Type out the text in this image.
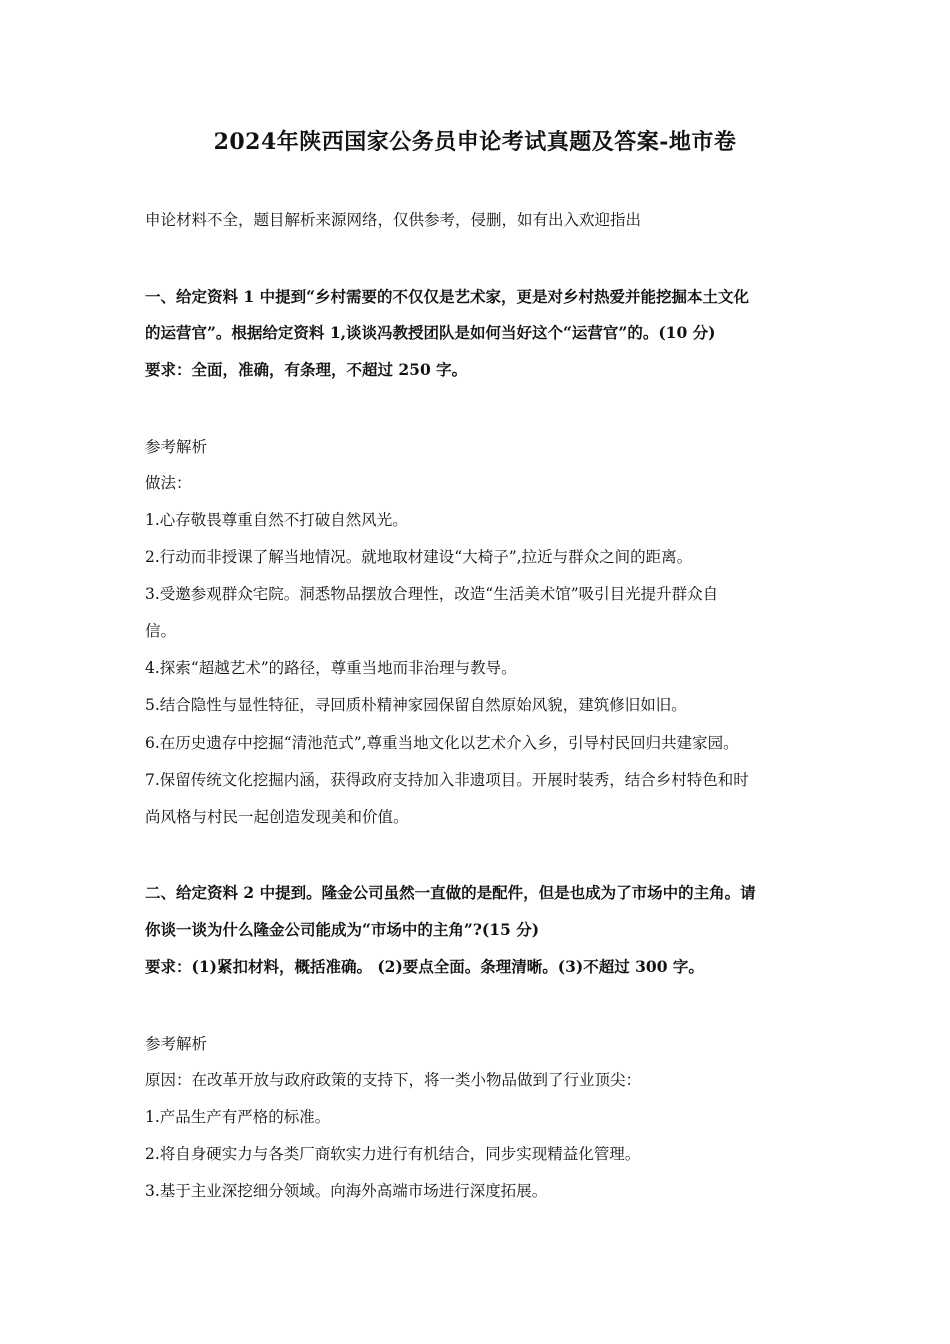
2024年陕西国家公务员申论考试真题及答案-地市卷
申论材料不全，题目解析来源网络，仅供参考，侵删，如有出入欢迎指出
一、给定资料 1 中提到“乡村需要的不仅仅是艺术家，更是对乡村热爱并能挖掘本土文化
的运营官”。根据给定资料 1,谈谈冯教授团队是如何当好这个“运营官”的。(10 分)
要求：全面，准确，有条理，不超过 250 字。
参考解析
做法：
1.心存敬畏尊重自然不打破自然风光。
2.行动而非授课了解当地情况。就地取材建设“大椅子”,拉近与群众之间的距离。
3.受邀参观群众宅院。洞悉物品摆放合理性，改造“生活美术馆”吸引目光提升群众自
信。
4.探索“超越艺术”的路径，尊重当地而非治理与教导。
5.结合隐性与显性特征，寻回质朴精神家园保留自然原始风貌，建筑修旧如旧。
6.在历史遗存中挖掘“清池范式”,尊重当地文化以艺术介入乡，引导村民回归共建家园。
7.保留传统文化挖掘内涵，获得政府支持加入非遗项目。开展时装秀，结合乡村特色和时
尚风格与村民一起创造发现美和价值。
二、给定资料 2 中提到。隆金公司虽然一直做的是配件，但是也成为了市场中的主角。请
你谈一谈为什么隆金公司能成为“市场中的主角”?(15 分)
要求：(1)紧扣材料，概括准确。 (2)要点全面。条理清晰。(3)不超过 300 字。
参考解析
原因：在改革开放与政府政策的支持下，将一类小物品做到了行业顶尖：
1.产品生产有严格的标准。
2.将自身硬实力与各类厂商软实力进行有机结合，同步实现精益化管理。
3.基于主业深挖细分领域。向海外高端市场进行深度拓展。
